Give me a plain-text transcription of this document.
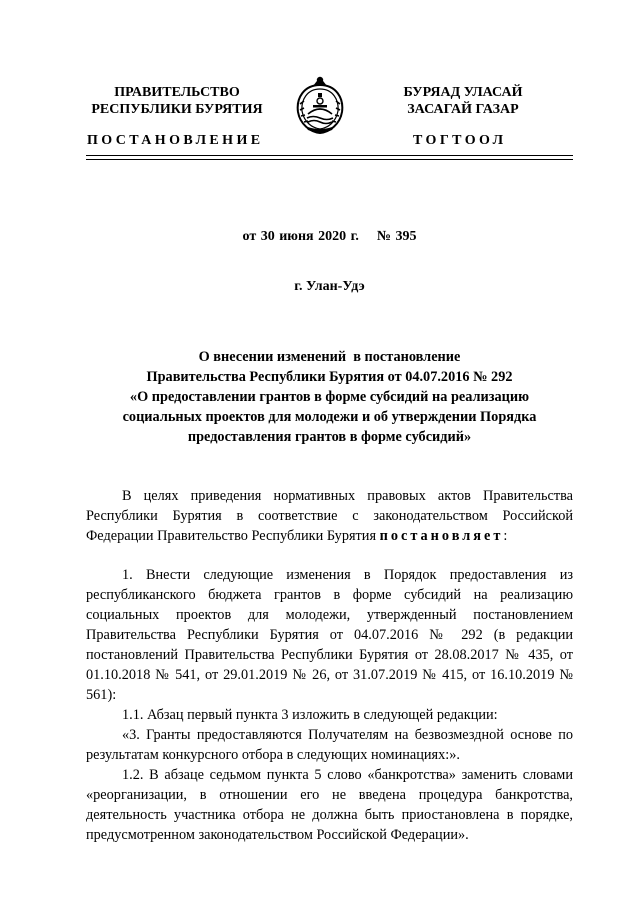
ПРАВИТЕЛЬСТВО
РЕСПУБЛИКИ БУРЯТИЯ
БУРЯАД УЛАСАЙ
ЗАСАГАЙ ГАЗАР
ПОСТАНОВЛЕНИЕ	ТОГТООЛ
от 30 июня 2020 г.    № 395
г. Улан-Удэ
О внесении изменений  в постановление
Правительства Республики Бурятия от 04.07.2016 № 292
«О предоставлении грантов в форме субсидий на реализацию
социальных проектов для молодежи и об утверждении Порядка
предоставления грантов в форме субсидий»

В целях приведения нормативных правовых актов Правительства Республики Бурятия в соответствие с законодательством Российской Федерации Правительство Республики Бурятия постановляет:

1. Внести следующие изменения в Порядок предоставления из республиканского бюджета грантов в форме субсидий на реализацию социальных проектов для молодежи, утвержденный постановлением Правительства Республики Бурятия от 04.07.2016 № 292 (в редакции постановлений Правительства Республики Бурятия от 28.08.2017 № 435, от 01.10.2018 № 541, от 29.01.2019 № 26, от 31.07.2019 № 415, от 16.10.2019 № 561):

1.1. Абзац первый пункта 3 изложить в следующей редакции:

«3. Гранты предоставляются Получателям на безвозмездной основе по результатам конкурсного отбора в следующих номинациях:».

1.2. В абзаце седьмом пункта 5 слово «банкротства» заменить словами «реорганизации, в отношении его не введена процедура банкротства, деятельность участника отбора не должна быть приостановлена в порядке, предусмотренном законодательством Российской Федерации».
